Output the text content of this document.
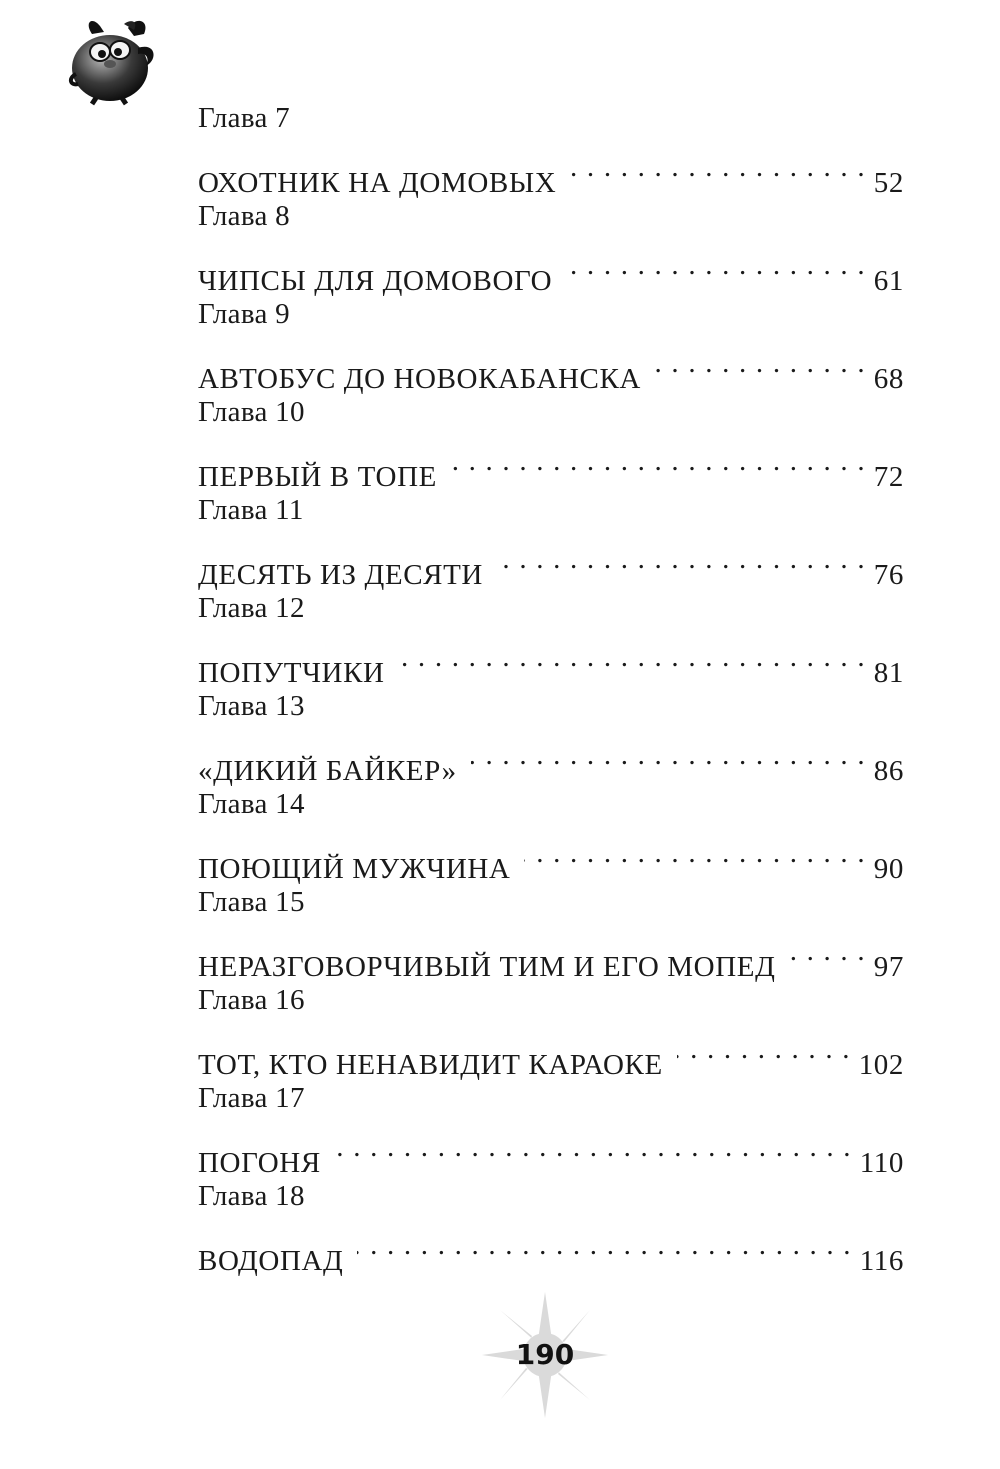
Глава 7
ОХОТНИК НА ДОМОВЫХ . . .	52
Глава 8
ЧИПСЫ ДЛЯ ДОМОВОГО . . .	61
Глава 9
АВТОБУС ДО НОВОКАБАНСКА . . .	68
Глава 10
ПЕРВЫЙ В ТОПЕ . . .	72
Глава 11
ДЕСЯТЬ ИЗ ДЕСЯТИ . . .	76
Глава 12
ПОПУТЧИКИ . . .	81
Глава 13
«ДИКИЙ БАЙКЕР» . . .	86
Глава 14
ПОЮЩИЙ МУЖЧИНА . . .	90
Глава 15
НЕРАЗГОВОРЧИВЫЙ ТИМ И ЕГО МОПЕД . . .	97
Глава 16
ТОТ, КТО НЕНАВИДИТ КАРАОКЕ . . .	102
Глава 17
ПОГОНЯ . . .	110
Глава 18
ВОДОПАД . . .	116
190
